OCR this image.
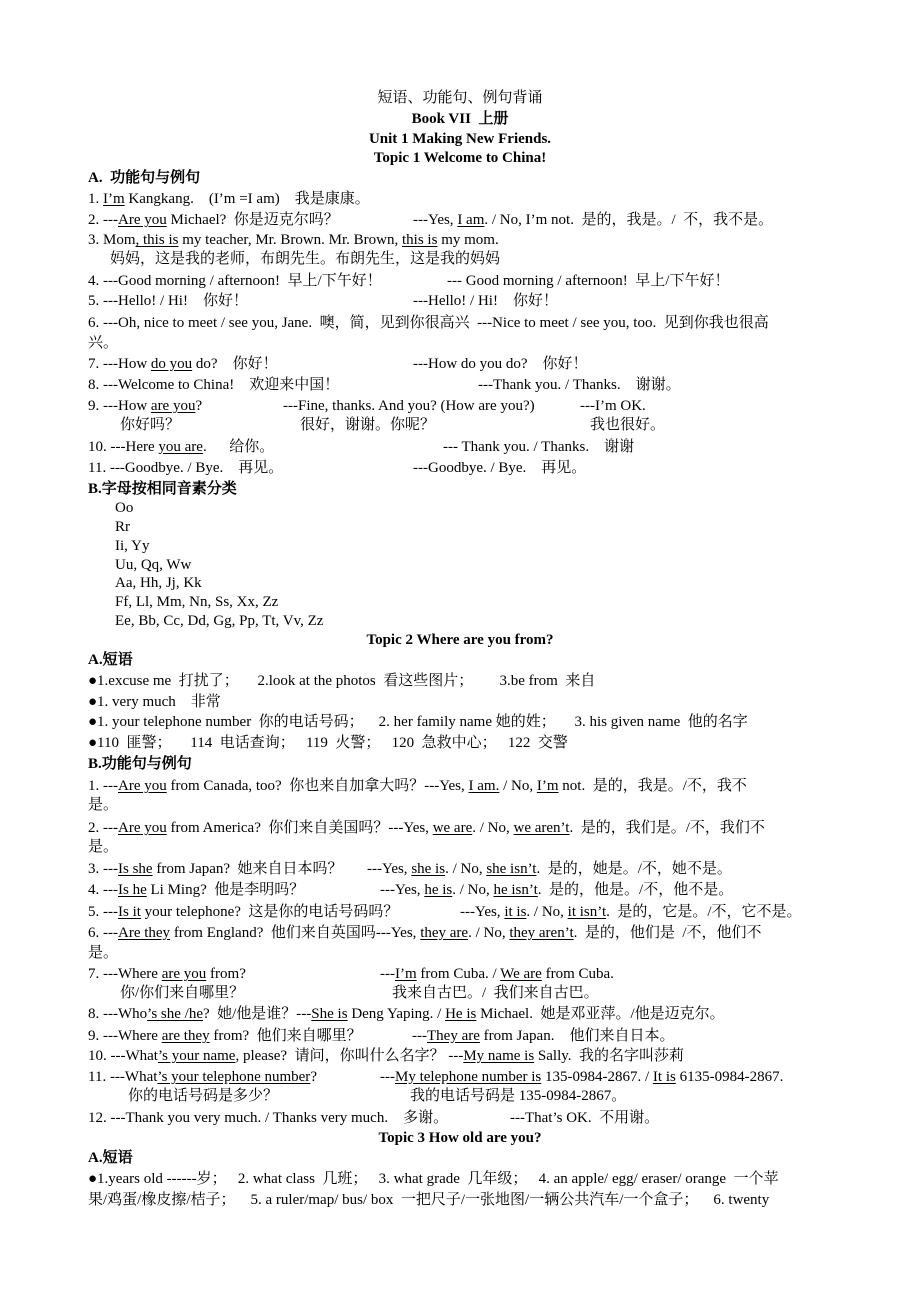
短语、功能句、例句背诵
Book VII  上册
Unit 1 Making New Friends.
Topic 1 Welcome to China!
A.  功能句与例句
1. I’m Kangkang.    (I’m =I am)    我是康康。
2. ---Are you Michael?  你是迈克尔吗？	---Yes, I am. / No, I’m not.  是的，我是。/  不，我不是。
3. Mom, this is my teacher, Mr. Brown. Mr. Brown, this is my mom.
妈妈，这是我的老师，布朗先生。布朗先生，这是我的妈妈
4. ---Good morning / afternoon!  早上/下午好！	--- Good morning / afternoon!  早上/下午好！
5. ---Hello! / Hi!    你好！	---Hello! / Hi!    你好！
6. ---Oh, nice to meet / see you, Jane.  噢，简，见到你很高兴  ---Nice to meet / see you, too.  见到你我也很高
兴。
7. ---How do you do?    你好！	---How do you do?    你好！
8. ---Welcome to China!    欢迎来中国！	---Thank you. / Thanks.    谢谢。
9. ---How are you?	---Fine, thanks. And you? (How are you?)	---I’m OK.
你好吗？	很好，谢谢。你呢？	我也很好。
10. ---Here you are.      给你。	--- Thank you. / Thanks.    谢谢
11. ---Goodbye. / Bye.    再见。	---Goodbye. / Bye.    再见。
B.字母按相同音素分类
Oo
Rr
Ii, Yy
Uu, Qq, Ww
Aa, Hh, Jj, Kk
Ff, Ll, Mm, Nn, Ss, Xx, Zz
Ee, Bb, Cc, Dd, Gg, Pp, Tt, Vv, Zz
Topic 2 Where are you from?
A.短语
●1.excuse me  打扰了；     2.look at the photos  看这些图片；       3.be from  来自
●1. very much    非常
●1. your telephone number  你的电话号码；    2. her family name 她的姓；     3. his given name  他的名字
●110  匪警；     114  电话查询；   119  火警；   120  急救中心；   122  交警
B.功能句与例句
1. ---Are you from Canada, too?  你也来自加拿大吗？---Yes, I am. / No, I’m not.  是的，我是。/不，我不
是。
2. ---Are you from America?  你们来自美国吗？---Yes, we are. / No, we aren’t.  是的，我们是。/不，我们不
是。
3. ---Is she from Japan?  她来自日本吗？ ---Yes, she is. / No, she isn’t.  是的，她是。/不，她不是。
4. ---Is he Li Ming?  他是李明吗？	---Yes, he is. / No, he isn’t.  是的，他是。/不，他不是。
5. ---Is it your telephone?  这是你的电话号码吗？	---Yes, it is. / No, it isn’t.  是的，它是。/不，它不是。
6. ---Are they from England?  他们来自英国吗---Yes, they are. / No, they aren’t.  是的，他们是  /不，他们不
是。
7. ---Where are you from?	---I’m from Cuba. / We are from Cuba.
你/你们来自哪里？	我来自古巴。/  我们来自古巴。
8. ---Who’s she /he?  她/他是谁？---She is Deng Yaping. / He is Michael.  她是邓亚萍。/他是迈克尔。
9. ---Where are they from?  他们来自哪里？	---They are from Japan.    他们来自日本。
10. ---What’s your name, please?  请问，你叫什么名字？ ---My name is Sally.  我的名字叫莎莉
11. ---What’s your telephone number?	---My telephone number is 135-0984-2867. / It is 6135-0984-2867.
你的电话号码是多少？	我的电话号码是 135-0984-2867。
12. ---Thank you very much. / Thanks very much.    多谢。	---That’s OK.  不用谢。
Topic 3 How old are you?
A.短语
●1.years old ------岁；   2. what class  几班；   3. what grade  几年级；   4. an apple/ egg/ eraser/ orange  一个苹
果/鸡蛋/橡皮擦/桔子；    5. a ruler/map/ bus/ box  一把尺子/一张地图/一辆公共汽车/一个盒子；    6. twenty
